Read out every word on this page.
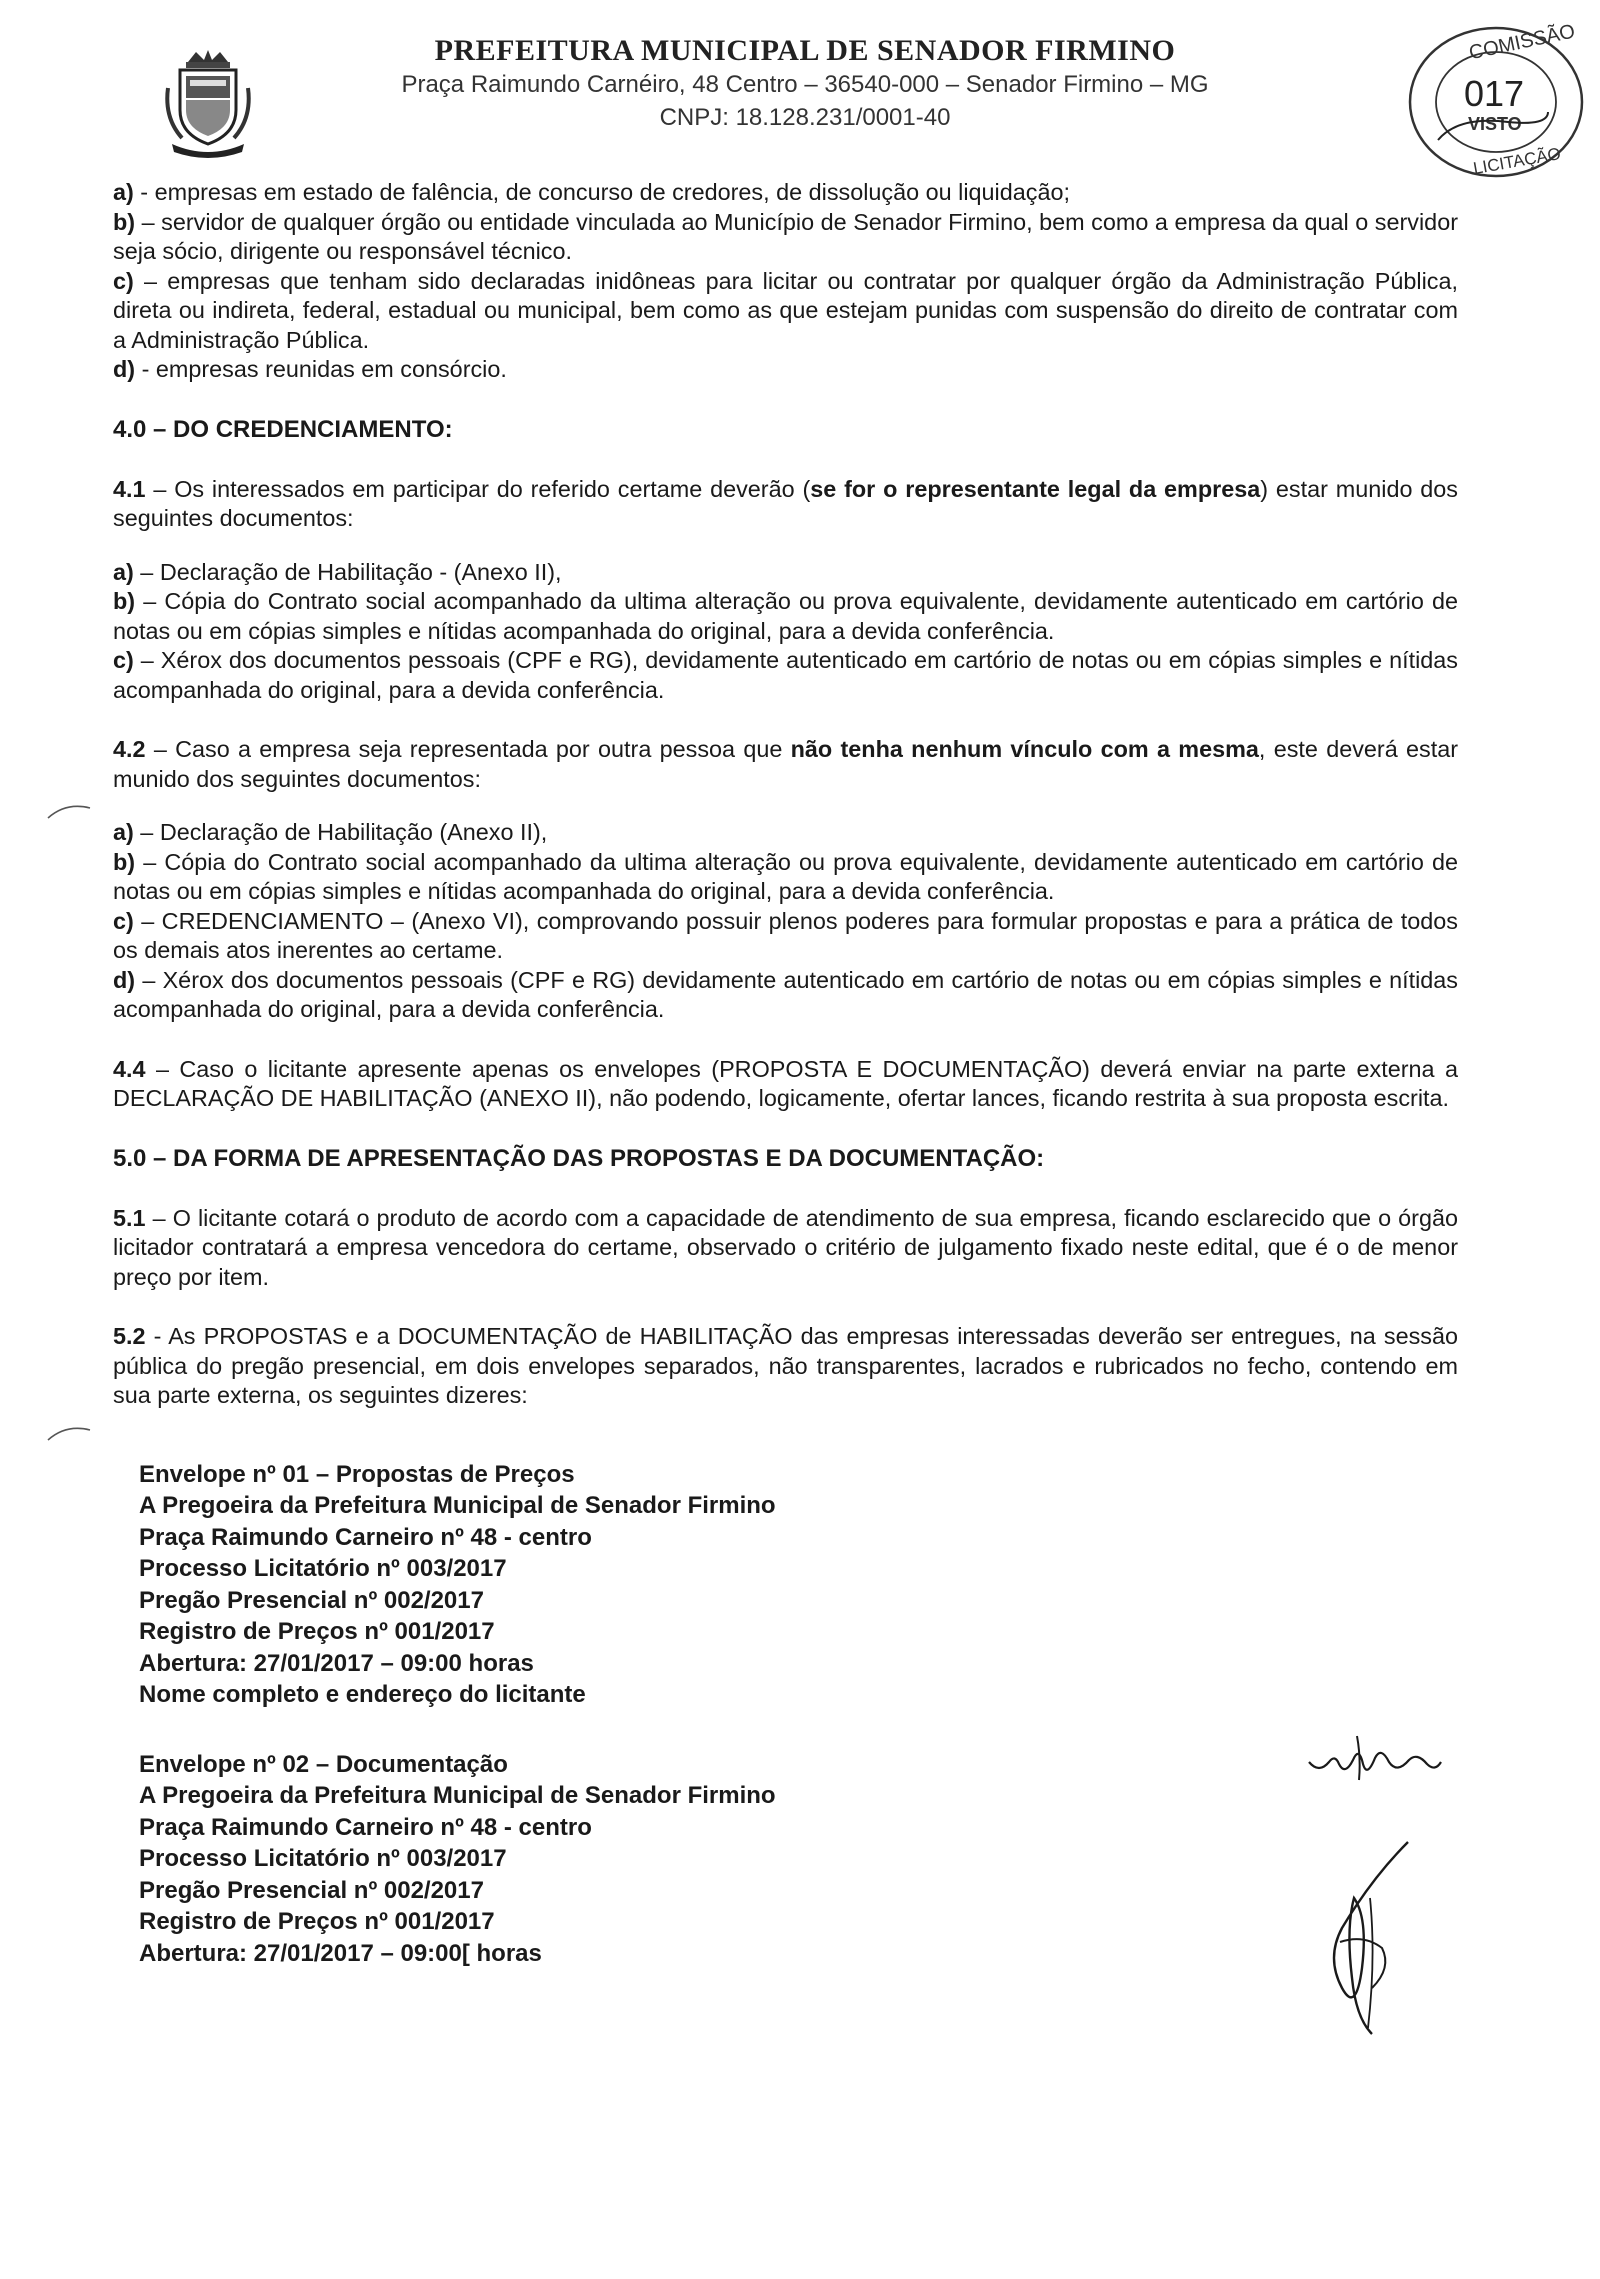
PREFEITURA MUNICIPAL DE SENADOR FIRMINO
Praça Raimundo Carnéiro, 48 Centro – 36540-000 – Senador Firmino – MG
CNPJ: 18.128.231/0001-40
COMISSÃO
017
VISTO
LICITAÇÃO

a) - empresas em estado de falência, de concurso de credores, de dissolução ou liquidação;

b) – servidor de qualquer órgão ou entidade vinculada ao Município de Senador Firmino, bem como a empresa da qual o servidor seja sócio, dirigente ou responsável técnico.

c) – empresas que tenham sido declaradas inidôneas para licitar ou contratar por qualquer órgão da Administração Pública, direta ou indireta, federal, estadual ou municipal, bem como as que estejam punidas com suspensão do direito de contratar com a Administração Pública.

d) - empresas reunidas em consórcio.

4.0 – DO CREDENCIAMENTO:

4.1 – Os interessados em participar do referido certame deverão (se for o representante legal da empresa) estar munido dos seguintes documentos:

a) – Declaração de Habilitação - (Anexo II),

b) – Cópia do Contrato social acompanhado da ultima alteração ou prova equivalente, devidamente autenticado em cartório de notas ou em cópias simples e nítidas acompanhada do original, para a devida conferência.

c) – Xérox dos documentos pessoais (CPF e RG), devidamente autenticado em cartório de notas ou em cópias simples e nítidas acompanhada do original, para a devida conferência.

4.2 – Caso a empresa seja representada por outra pessoa que não tenha nenhum vínculo com a mesma, este deverá estar munido dos seguintes documentos:

a) – Declaração de Habilitação (Anexo II),

b) – Cópia do Contrato social acompanhado da ultima alteração ou prova equivalente, devidamente autenticado em cartório de notas ou em cópias simples e nítidas acompanhada do original, para a devida conferência.

c) – CREDENCIAMENTO – (Anexo VI), comprovando possuir plenos poderes para formular propostas e para a prática de todos os demais atos inerentes ao certame.

d) – Xérox dos documentos pessoais (CPF e RG) devidamente autenticado em cartório de notas ou em cópias simples e nítidas acompanhada do original, para a devida conferência.

4.4 – Caso o licitante apresente apenas os envelopes (PROPOSTA E DOCUMENTAÇÃO) deverá enviar na parte externa a DECLARAÇÃO DE HABILITAÇÃO (ANEXO II), não podendo, logicamente, ofertar lances, ficando restrita à sua proposta escrita.

5.0 – DA FORMA DE APRESENTAÇÃO DAS PROPOSTAS E DA DOCUMENTAÇÃO:

5.1 – O licitante cotará o produto de acordo com a capacidade de atendimento de sua empresa, ficando esclarecido que o órgão licitador contratará a empresa vencedora do certame, observado o critério de julgamento fixado neste edital, que é o de menor preço por item.

5.2 - As PROPOSTAS e a DOCUMENTAÇÃO de HABILITAÇÃO das empresas interessadas deverão ser entregues, na sessão pública do pregão presencial, em dois envelopes separados, não transparentes, lacrados e rubricados no fecho, contendo em sua parte externa, os seguintes dizeres:

Envelope nº 01 – Propostas de Preços
A Pregoeira da Prefeitura Municipal de Senador Firmino
Praça Raimundo Carneiro nº 48 - centro
Processo Licitatório nº 003/2017
Pregão Presencial nº 002/2017
Registro de Preços nº 001/2017
Abertura: 27/01/2017 – 09:00 horas
Nome completo e endereço do licitante
Envelope nº 02 – Documentação
A Pregoeira da Prefeitura Municipal de Senador Firmino
Praça Raimundo Carneiro nº 48 - centro
Processo Licitatório nº 003/2017
Pregão Presencial nº 002/2017
Registro de Preços nº 001/2017
Abertura: 27/01/2017 – 09:00[ horas
